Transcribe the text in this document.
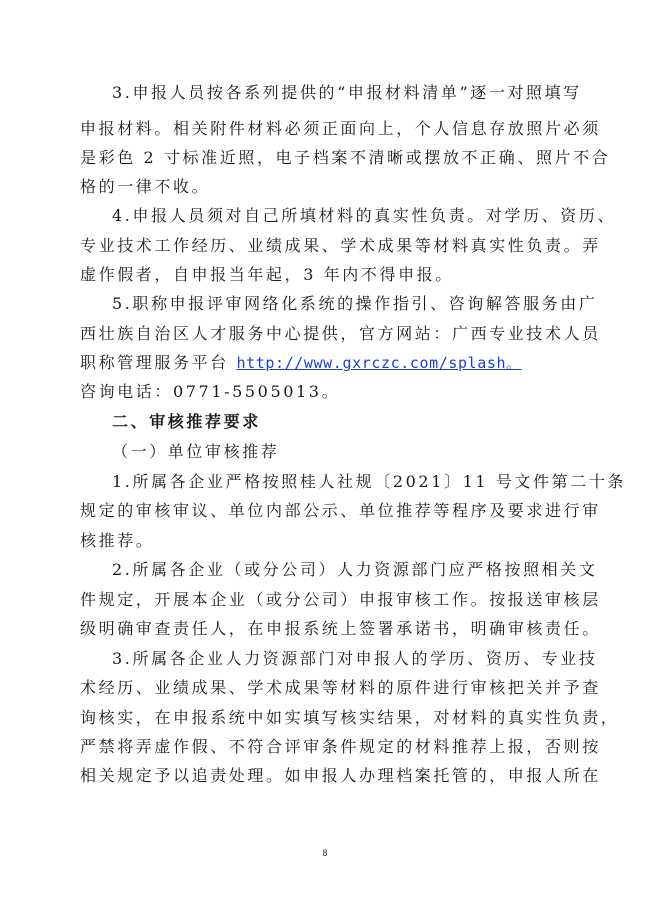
3.申报人员按各系列提供的“申报材料清单”逐一对照填写
申报材料。相关附件材料必须正面向上，个人信息存放照片必须
是彩色 2 寸标准近照，电子档案不清晰或摆放不正确、照片不合
格的一律不收。
4.申报人员须对自己所填材料的真实性负责。对学历、资历、
专业技术工作经历、业绩成果、学术成果等材料真实性负责。弄
虚作假者，自申报当年起，3 年内不得申报。
5.职称申报评审网络化系统的操作指引、咨询解答服务由广
西壮族自治区人才服务中心提供，官方网站：广西专业技术人员
职称管理服务平台 http://www.gxrczc.com/splash。
咨询电话：0771-5505013。
二、审核推荐要求
（一）单位审核推荐
1.所属各企业严格按照桂人社规〔2021〕11 号文件第二十条
规定的审核审议、单位内部公示、单位推荐等程序及要求进行审
核推荐。
2.所属各企业（或分公司）人力资源部门应严格按照相关文
件规定，开展本企业（或分公司）申报审核工作。按报送审核层
级明确审查责任人，在申报系统上签署承诺书，明确审核责任。
3.所属各企业人力资源部门对申报人的学历、资历、专业技
术经历、业绩成果、学术成果等材料的原件进行审核把关并予查
询核实，在申报系统中如实填写核实结果，对材料的真实性负责，
严禁将弄虚作假、不符合评审条件规定的材料推荐上报，否则按
相关规定予以追责处理。如申报人办理档案托管的，申报人所在
8
